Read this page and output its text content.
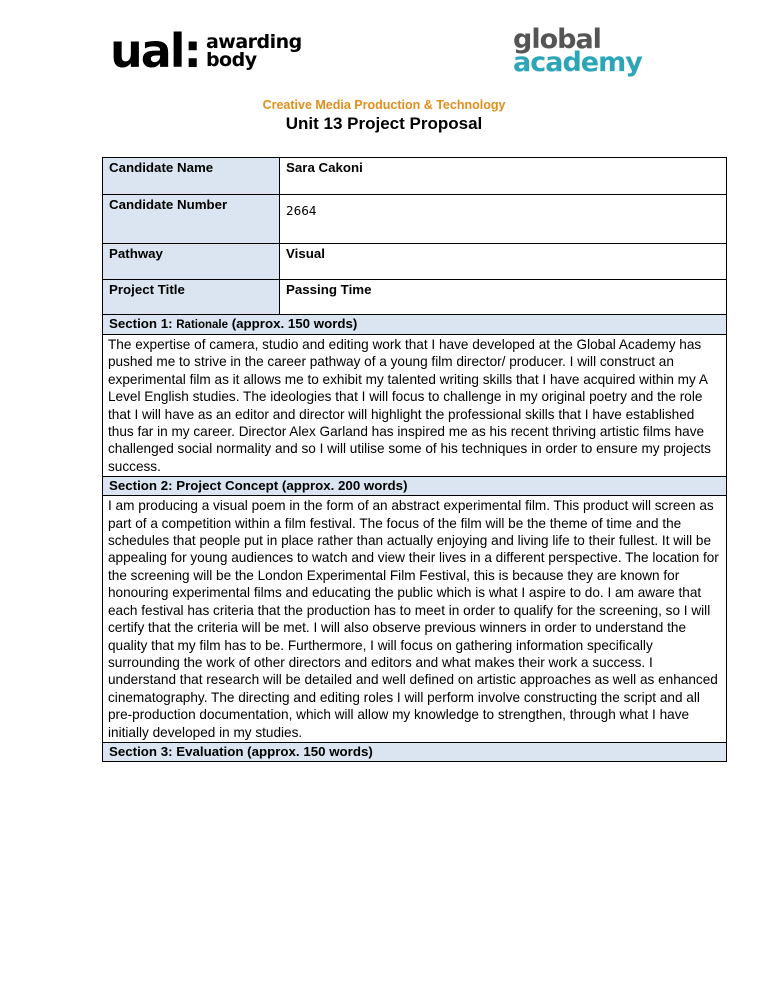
ual: awarding
body
global
academy
Creative Media Production & Technology
Unit 13 Project Proposal
Candidate Name	Sara Cakoni
Candidate Number	2664
Pathway	Visual
Project Title	Passing Time
Section 1: Rationale (approx. 150 words)	
The expertise of camera, studio and editing work that I have developed at the Global Academy has pushed me to strive in the career pathway of a young film director/ producer. I will construct an experimental film as it allows me to exhibit my talented writing skills that I have acquired within my A Level English studies. The ideologies that I will focus to challenge in my original poetry and the role that I will have as an editor and director will highlight the professional skills that I have established thus far in my career. Director Alex Garland has inspired me as his recent thriving artistic films have challenged social normality and so I will utilise some of his techniques in order to ensure my projects success.	
Section 2: Project Concept (approx. 200 words)	
I am producing a visual poem in the form of an abstract experimental film. This product will screen as part of a competition within a film festival. The focus of the film will be the theme of time and the schedules that people put in place rather than actually enjoying and living life to their fullest. It will be appealing for young audiences to watch and view their lives in a different perspective. The location for the screening will be the London Experimental Film Festival, this is because they are known for honouring experimental films and educating the public which is what I aspire to do. I am aware that each festival has criteria that the production has to meet in order to qualify for the screening, so I will certify that the criteria will be met. I will also observe previous winners in order to understand the quality that my film has to be. Furthermore, I will focus on gathering information specifically surrounding the work of other directors and editors and what makes their work a success. I understand that research will be detailed and well defined on artistic approaches as well as enhanced cinematography. The directing and editing roles I will perform involve constructing the script and all pre-production documentation, which will allow my knowledge to strengthen, through what I have initially developed in my studies.	
Section 3: Evaluation (approx. 150 words)	
